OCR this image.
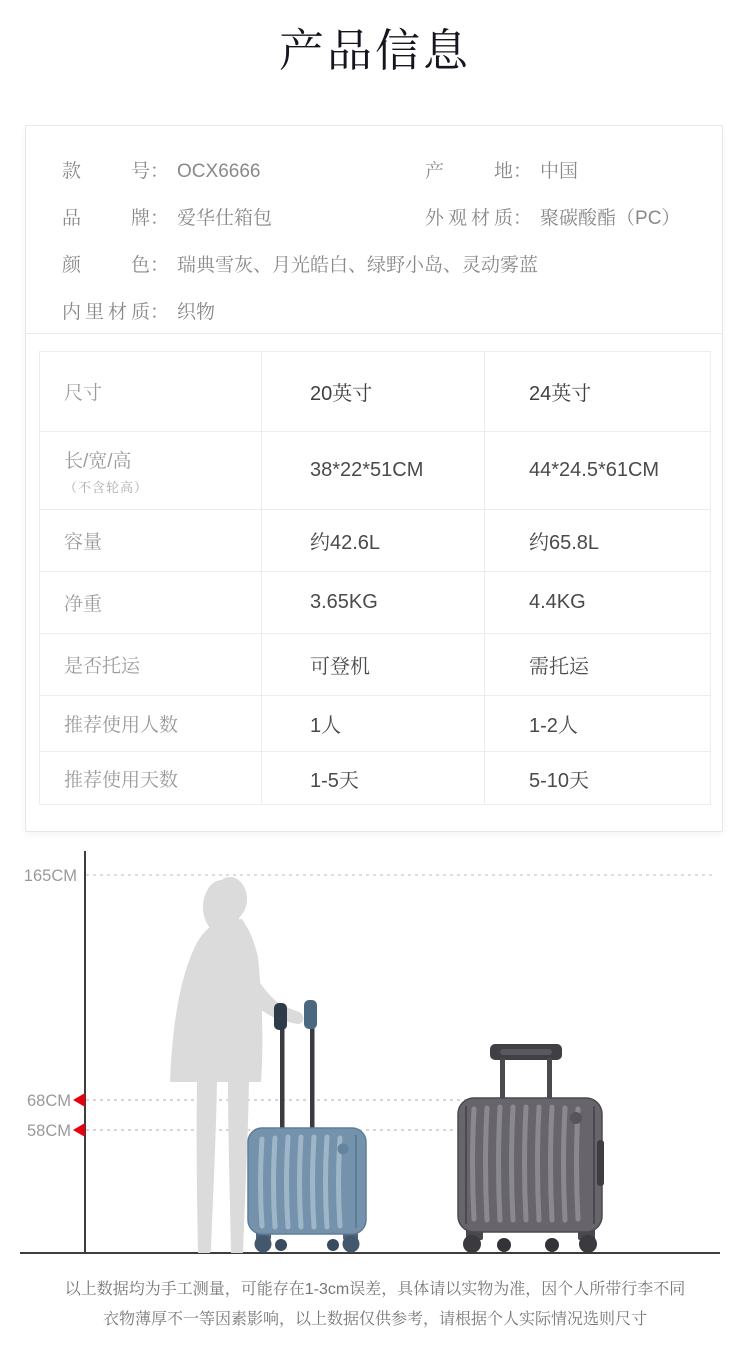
产品信息
款号： OCX6666	产地： 中国
品牌： 爱华仕箱包	外观材质： 聚碳酸酯（PC）
颜色： 瑞典雪灰、月光皓白、绿野小岛、灵动雾蓝
内里材质： 织物
尺寸	20英寸	24英寸

长/宽/高
（不含轮高）	38*22*51CM	44*24.5*61CM
容量	约42.6L	约65.8L
净重	3.65KG	4.4KG
是否托运	可登机	需托运
推荐使用人数	1人	1-2人
推荐使用天数	1-5天	5-10天
165CM
68CM
58CM

以上数据均为手工测量，可能存在1-3cm误差，具体请以实物为准，因个人所带行李不同

衣物薄厚不一等因素影响，以上数据仅供参考，请根据个人实际情况选则尺寸
